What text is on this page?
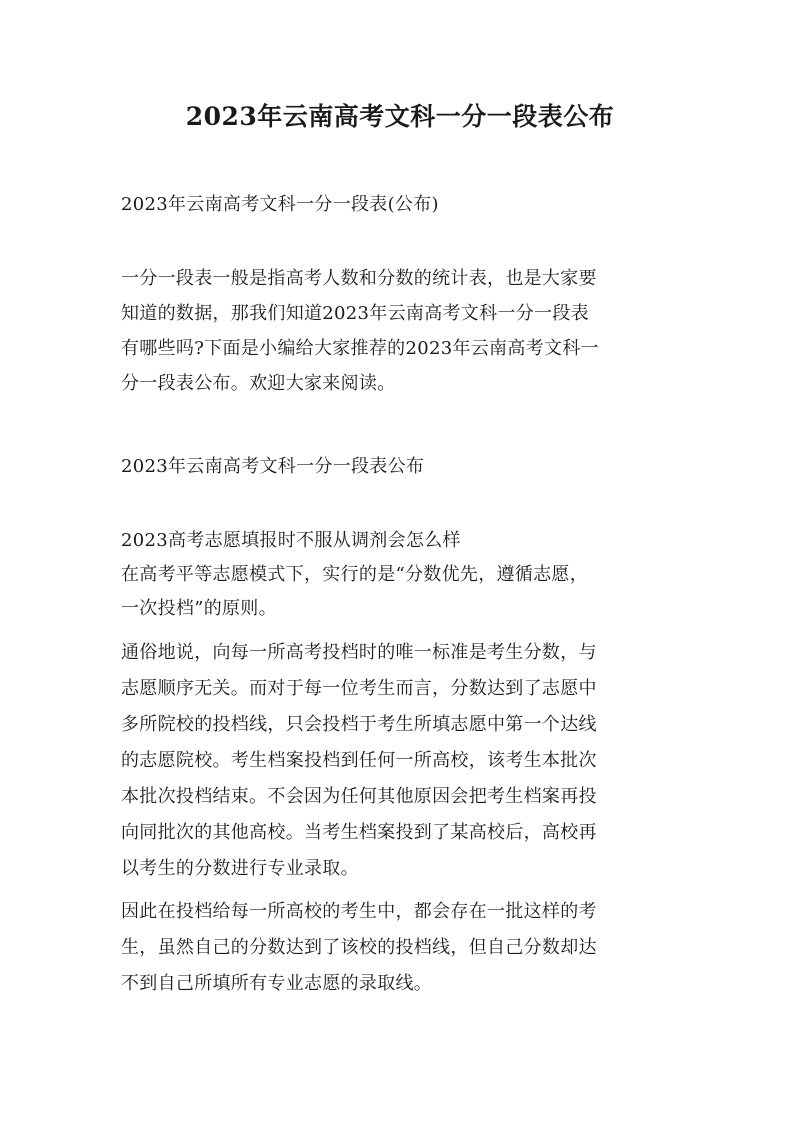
2023年云南高考文科一分一段表公布
2023年云南高考文科一分一段表(公布)
一分一段表一般是指高考人数和分数的统计表，也是大家要
知道的数据，那我们知道2023年云南高考文科一分一段表
有哪些吗?下面是小编给大家推荐的2023年云南高考文科一
分一段表公布。欢迎大家来阅读。
2023年云南高考文科一分一段表公布
2023高考志愿填报时不服从调剂会怎么样
在高考平等志愿模式下，实行的是“分数优先，遵循志愿，
一次投档”的原则。
通俗地说，向每一所高考投档时的唯一标准是考生分数，与
志愿顺序无关。而对于每一位考生而言，分数达到了志愿中
多所院校的投档线，只会投档于考生所填志愿中第一个达线
的志愿院校。考生档案投档到任何一所高校，该考生本批次
本批次投档结束。不会因为任何其他原因会把考生档案再投
向同批次的其他高校。当考生档案投到了某高校后，高校再
以考生的分数进行专业录取。
因此在投档给每一所高校的考生中，都会存在一批这样的考
生，虽然自己的分数达到了该校的投档线，但自己分数却达
不到自己所填所有专业志愿的录取线。
